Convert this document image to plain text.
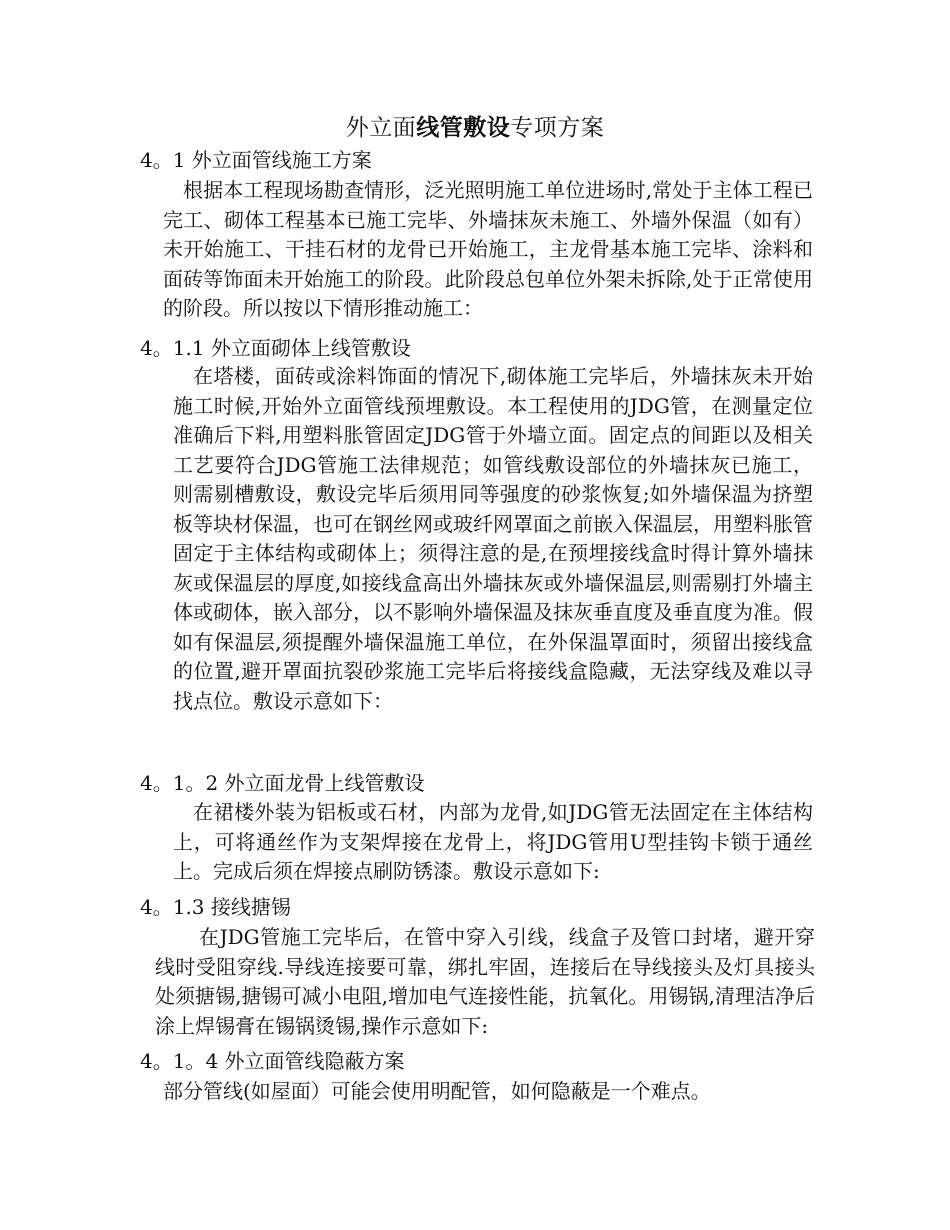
外立面线管敷设专项方案
4。1 外立面管线施工方案
根据本工程现场勘查情形，泛光照明施工单位进场时,常处于主体工程已完工、砌体工程基本已施工完毕、外墙抹灰未施工、外墙外保温（如有）未开始施工、干挂石材的龙骨已开始施工，主龙骨基本施工完毕、涂料和面砖等饰面未开始施工的阶段。此阶段总包单位外架未拆除,处于正常使用的阶段。所以按以下情形推动施工：
4。1.1 外立面砌体上线管敷设
在塔楼，面砖或涂料饰面的情况下,砌体施工完毕后，外墙抹灰未开始施工时候,开始外立面管线预埋敷设。本工程使用的JDG管，在测量定位准确后下料,用塑料胀管固定JDG管于外墙立面。固定点的间距以及相关工艺要符合JDG管施工法律规范；如管线敷设部位的外墙抹灰已施工，则需剔槽敷设，敷设完毕后须用同等强度的砂浆恢复;如外墙保温为挤塑板等块材保温，也可在钢丝网或玻纤网罩面之前嵌入保温层，用塑料胀管固定于主体结构或砌体上；须得注意的是,在预埋接线盒时得计算外墙抹灰或保温层的厚度,如接线盒高出外墙抹灰或外墙保温层,则需剔打外墙主体或砌体，嵌入部分，以不影响外墙保温及抹灰垂直度及垂直度为准。假如有保温层,须提醒外墙保温施工单位，在外保温罩面时，须留出接线盒的位置,避开罩面抗裂砂浆施工完毕后将接线盒隐藏，无法穿线及难以寻找点位。敷设示意如下：
4。1。2 外立面龙骨上线管敷设
在裙楼外装为铝板或石材，内部为龙骨,如JDG管无法固定在主体结构上，可将通丝作为支架焊接在龙骨上，将JDG管用U型挂钩卡锁于通丝上。完成后须在焊接点刷防锈漆。敷设示意如下:
4。1.3 接线搪锡
在JDG管施工完毕后，在管中穿入引线，线盒子及管口封堵，避开穿线时受阻穿线.导线连接要可靠，绑扎牢固，连接后在导线接头及灯具接头处须搪锡,搪锡可减小电阻,增加电气连接性能，抗氧化。用锡锅,清理洁净后涂上焊锡膏在锡锅烫锡,操作示意如下:
4。1。4 外立面管线隐蔽方案
部分管线(如屋面）可能会使用明配管，如何隐蔽是一个难点。
